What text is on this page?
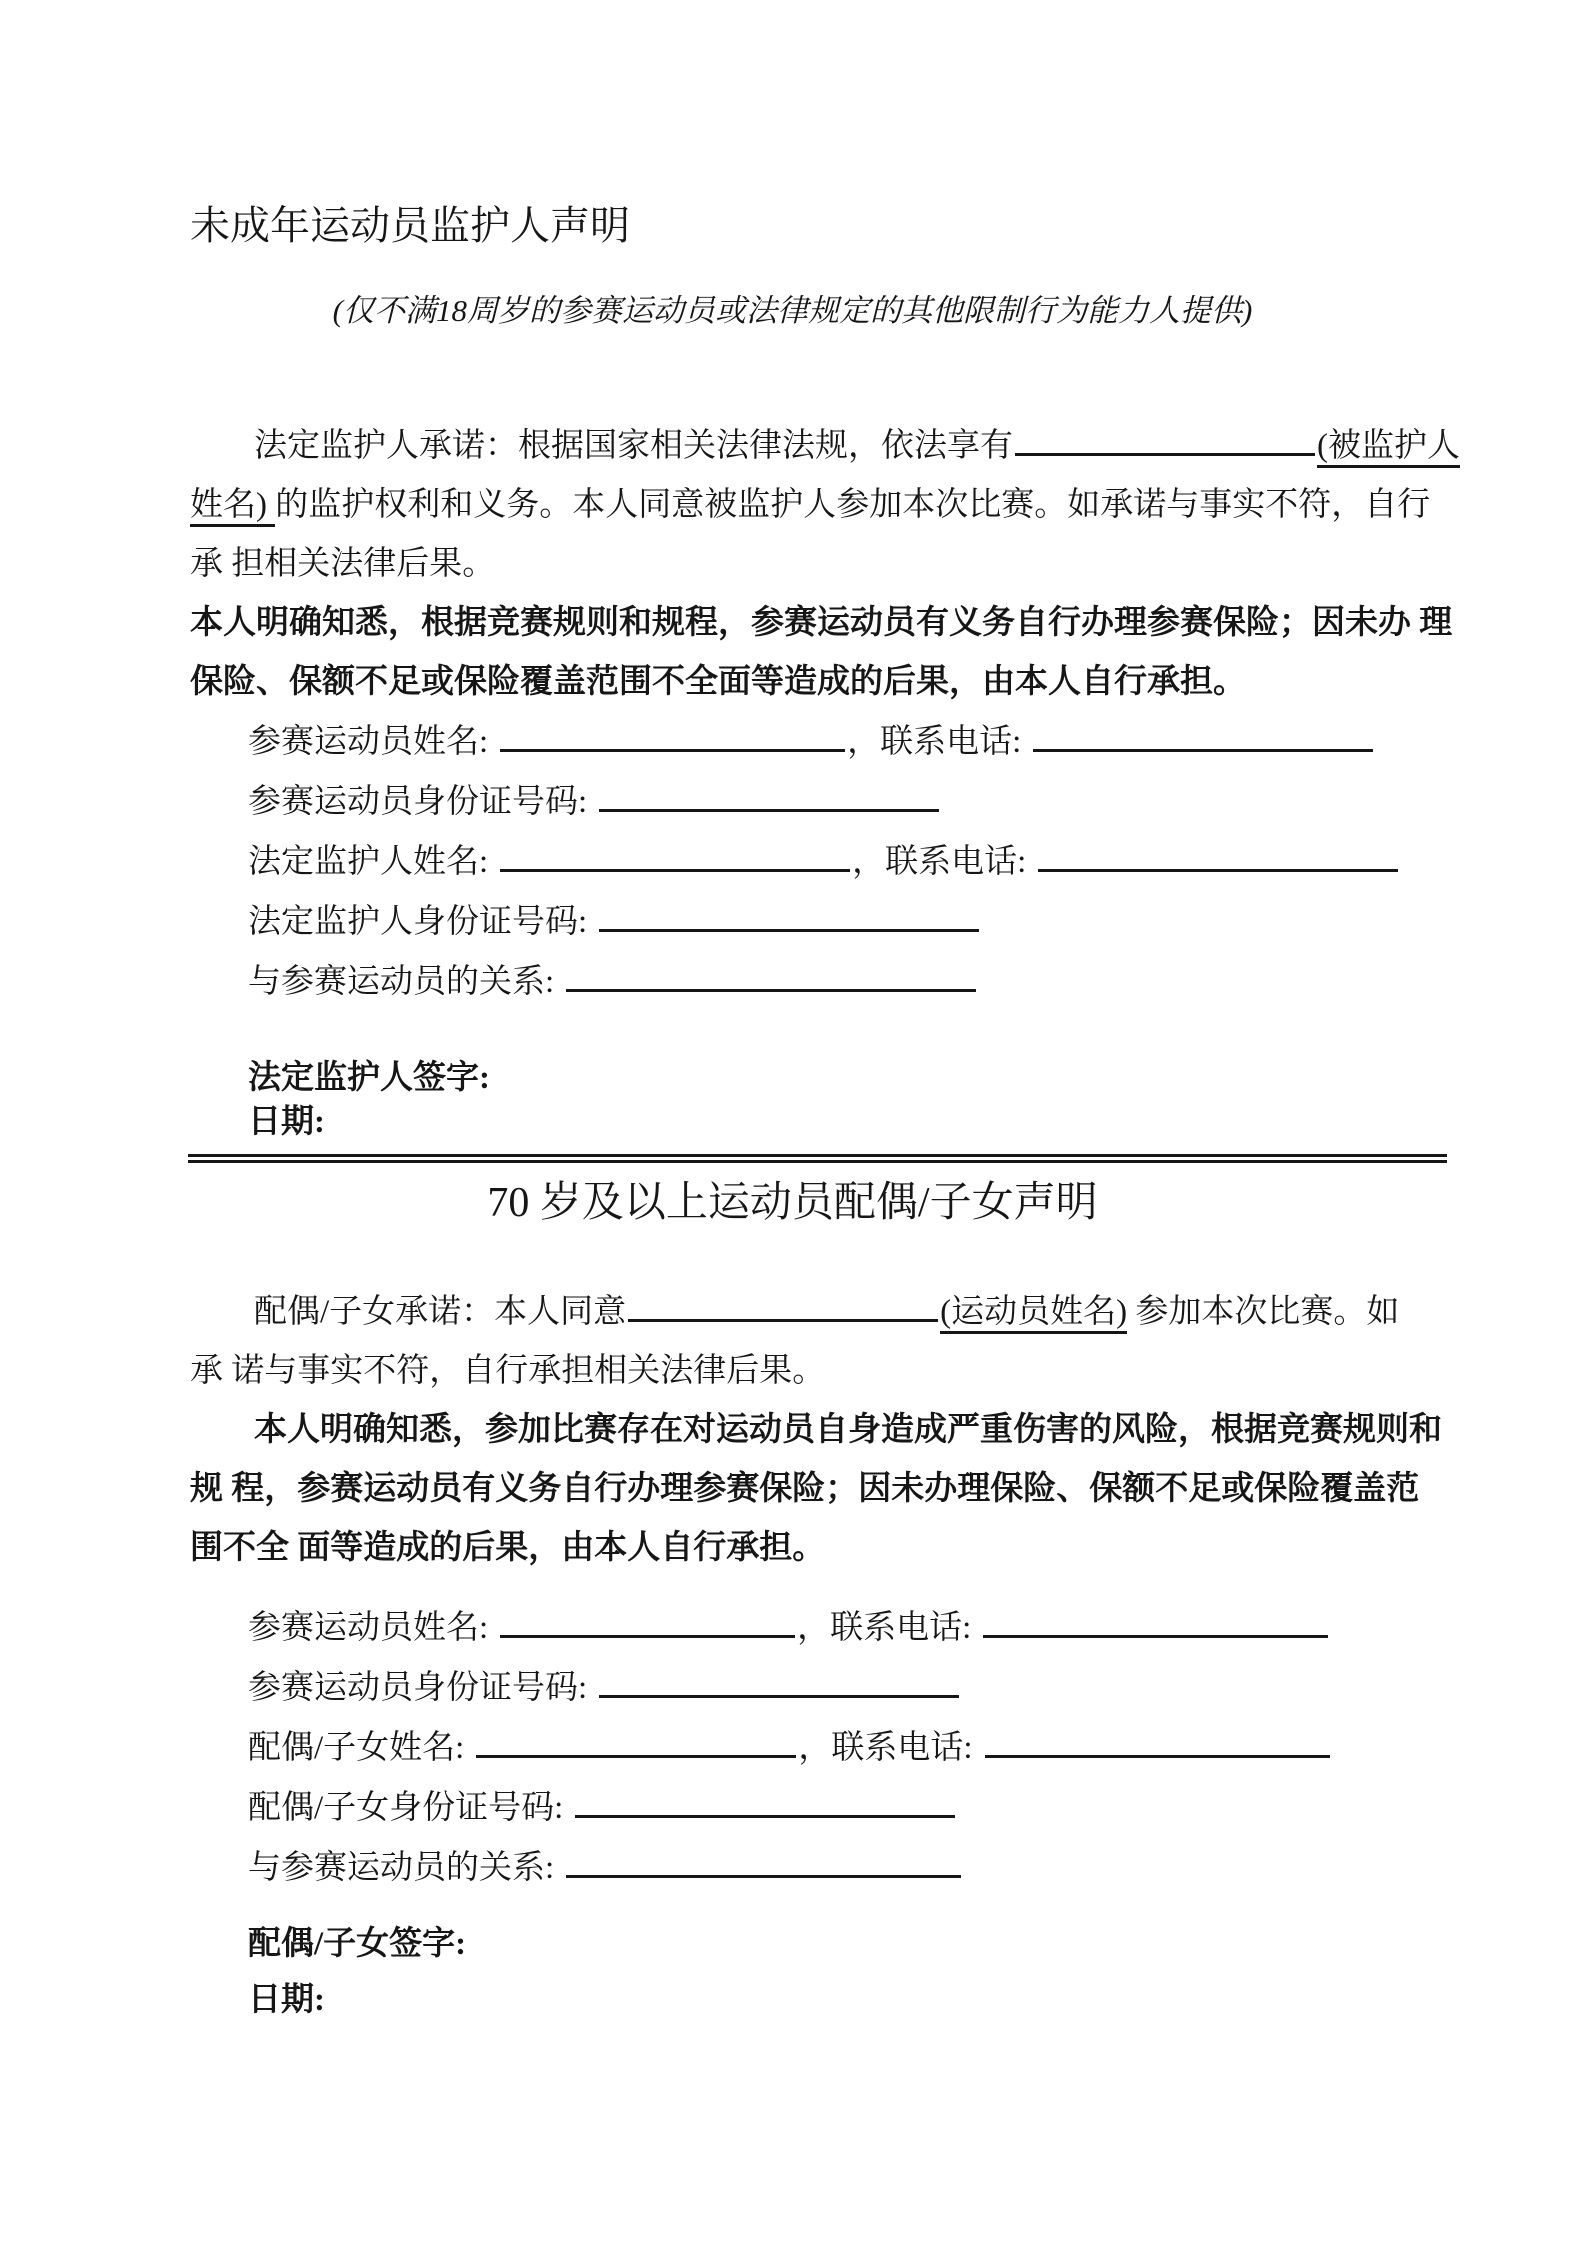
未成年运动员监护人声明
(仅不满18周岁的参赛运动员或法律规定的其他限制行为能力人提供)
法定监护人承诺：根据国家相关法律法规，依法享有	(被监护人
姓名) 的监护权利和义务。本人同意被监护人参加本次比赛。如承诺与事实不符，自行
承 担相关法律后果。
本人明确知悉，根据竞赛规则和规程，参赛运动员有义务自行办理参赛保险；因未办 理
保险、保额不足或保险覆盖范围不全面等造成的后果，由本人自行承担。
参赛运动员姓名:	，联系电话:
参赛运动员身份证号码:
法定监护人姓名:	，联系电话:
法定监护人身份证号码:
与参赛运动员的关系:
法定监护人签字:
日期:
70 岁及以上运动员配偶/子女声明
配偶/子女承诺：本人同意	(运动员姓名) 参加本次比赛。如
承 诺与事实不符，自行承担相关法律后果。
本人明确知悉，参加比赛存在对运动员自身造成严重伤害的风险，根据竞赛规则和
规 程，参赛运动员有义务自行办理参赛保险；因未办理保险、保额不足或保险覆盖范
围不全 面等造成的后果，由本人自行承担。
参赛运动员姓名:	，联系电话:
参赛运动员身份证号码:
配偶/子女姓名:	，联系电话:
配偶/子女身份证号码:
与参赛运动员的关系:
配偶/子女签字:
日期:
